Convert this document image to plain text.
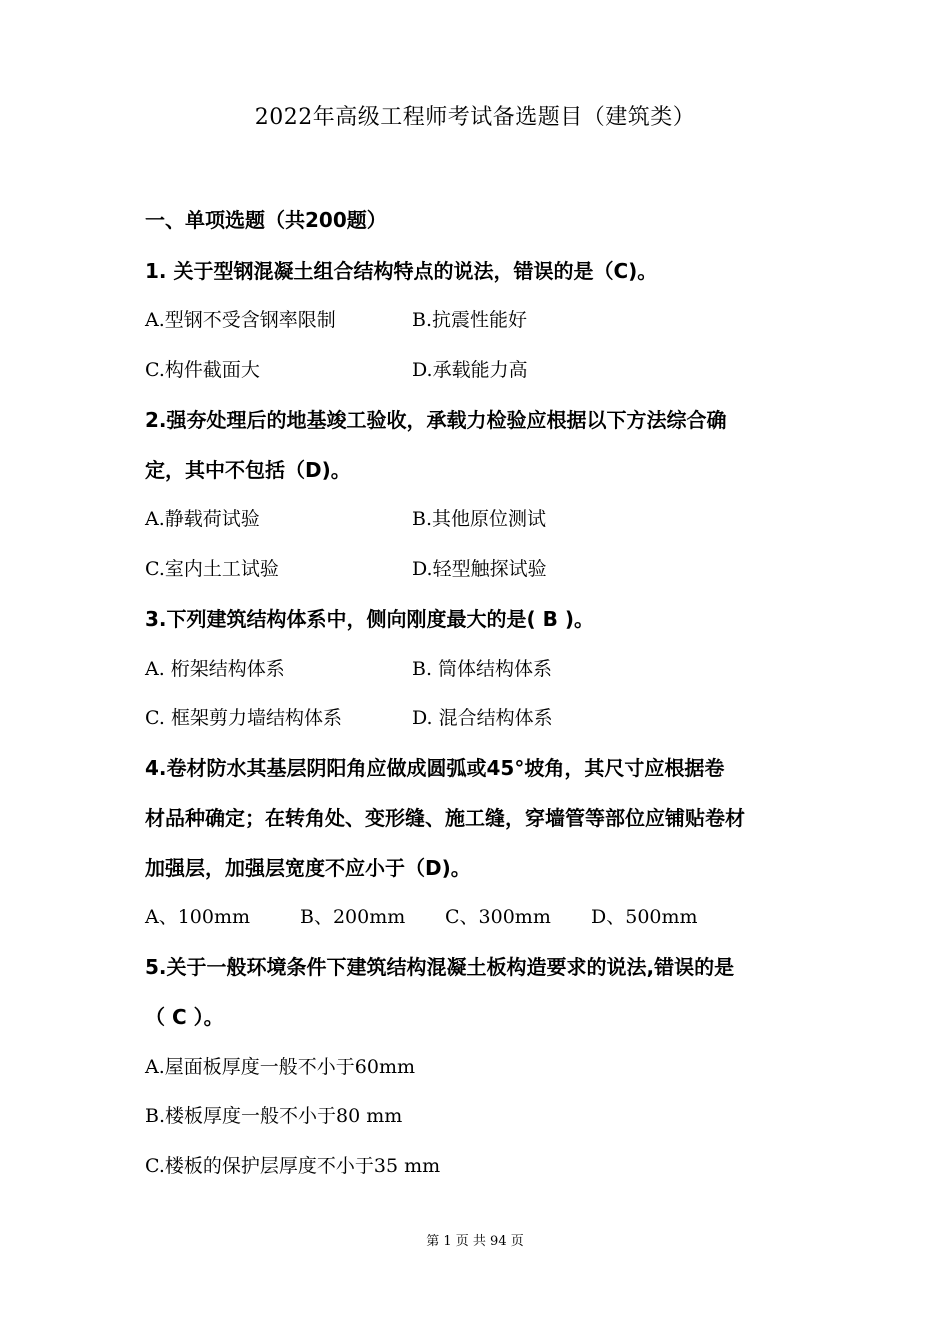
2022年高级工程师考试备选题目（建筑类）
一、单项选题（共200题）
1. 关于型钢混凝土组合结构特点的说法，错误的是（C)。
A.型钢不受含钢率限制	B.抗震性能好
C.构件截面大	D.承载能力高
2.强夯处理后的地基竣工验收，承载力检验应根据以下方法综合确
定，其中不包括（D)。
A.静载荷试验	B.其他原位测试
C.室内土工试验	D.轻型触探试验
3.下列建筑结构体系中，侧向刚度最大的是( B )。
A. 桁架结构体系	B. 筒体结构体系
C. 框架剪力墙结构体系	D. 混合结构体系
4.卷材防水其基层阴阳角应做成圆弧或45°坡角，其尺寸应根据卷
材品种确定；在转角处、变形缝、施工缝，穿墙管等部位应铺贴卷材
加强层，加强层宽度不应小于（D)。
A、100mm	B、200mm C、300mm D、500mm
5.关于一般环境条件下建筑结构混凝土板构造要求的说法,错误的是
（ C ）。
A.屋面板厚度一般不小于60mm
B.楼板厚度一般不小于80 mm
C.楼板的保护层厚度不小于35 mm
第 1 页 共 94 页
